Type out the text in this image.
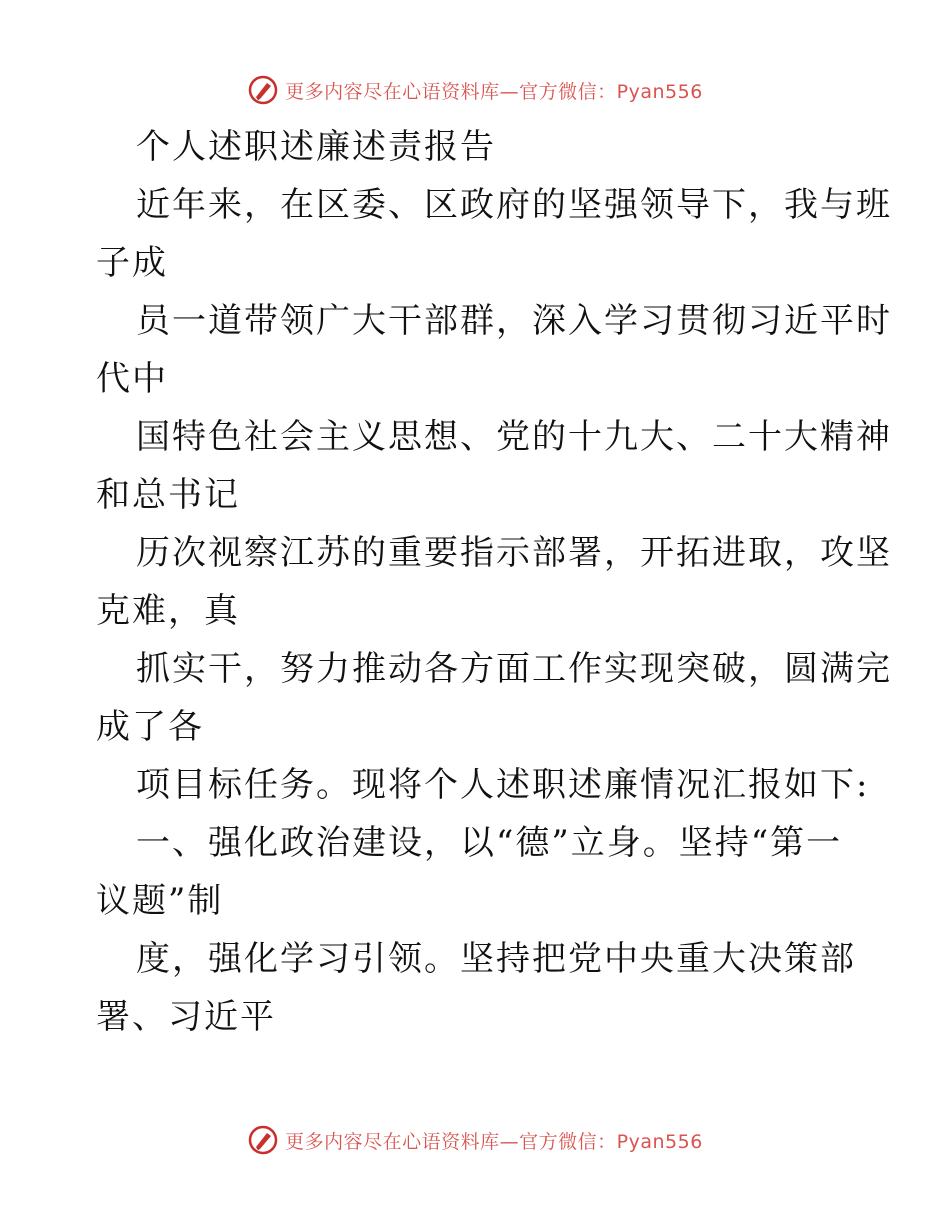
更多内容尽在心语资料库—官方微信：Pyan556
个人述职述廉述责报告
近年来，在区委、区政府的坚强领导下，我与班
子成
员一道带领广大干部群，深入学习贯彻习近平时
代中
国特色社会主义思想、党的十九大、二十大精神
和总书记
历次视察江苏的重要指示部署，开拓进取，攻坚
克难，真
抓实干，努力推动各方面工作实现突破，圆满完
成了各
项目标任务。现将个人述职述廉情况汇报如下:
一、强化政治建设，以“德”立身。坚持“第一
议题”制
度，强化学习引领。坚持把党中央重大决策部
署、习近平
更多内容尽在心语资料库—官方微信：Pyan556
